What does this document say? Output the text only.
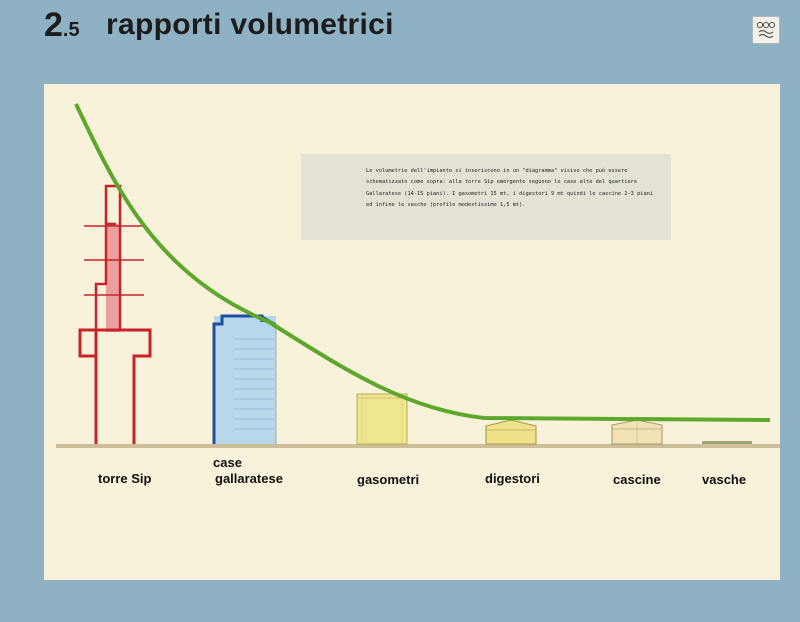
2.5 rapporti volumetrici
Le volumetrie dell'impianto si inseriscono in un "diagramma" visivo che può essere schematizzato come sopra: alla torre Sip emergente seguono le case alte del quartiere Gallaratese (14-15 piani). I gasometri 15 mt, i digestori 9 mt quindi le cascine 2-3 piani ed infine le vasche (profilo modestissimo 1,5 mt).
torre Sip
case
gallaratese	gasometri	digestori	cascine	vasche
